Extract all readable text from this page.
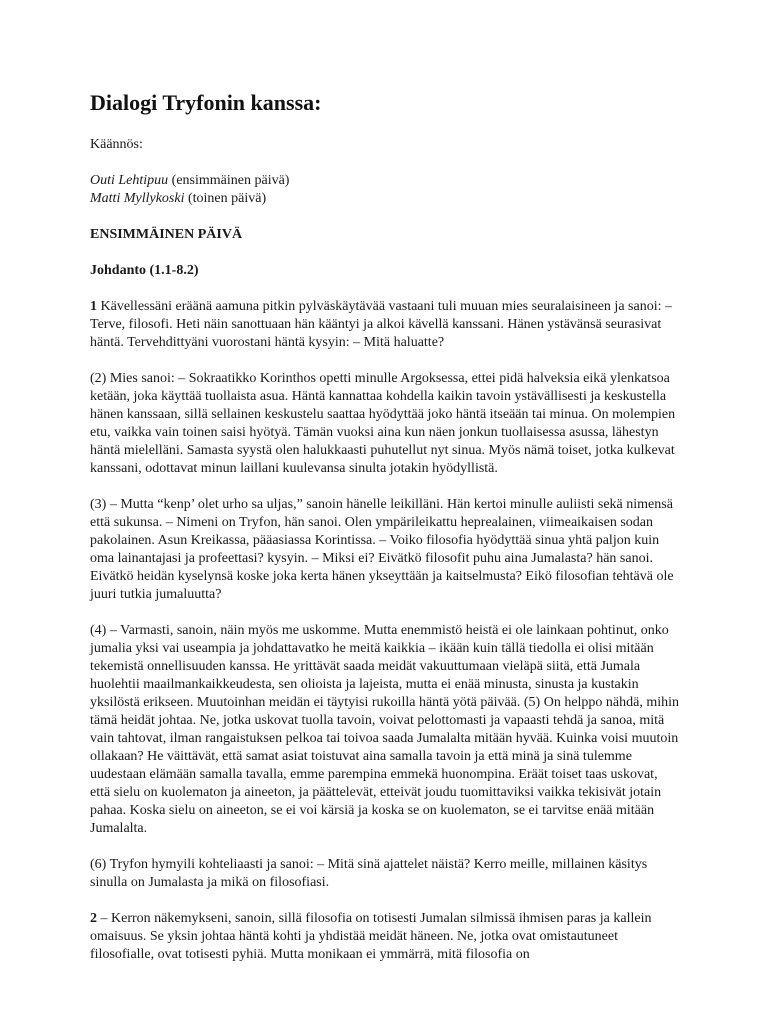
Dialogi Tryfonin kanssa:
Käännös:
Outi Lehtipuu (ensimmäinen päivä)
Matti Myllykoski (toinen päivä)
ENSIMMÄINEN PÄIVÄ
Johdanto (1.1-8.2)
1 Kävellessäni eräänä aamuna pitkin pylväskäytävää vastaani tuli muuan mies seuralaisineen ja sanoi: – Terve, filosofi. Heti näin sanottuaan hän kääntyi ja alkoi kävellä kanssani. Hänen ystävänsä seurasivat häntä. Tervehdittyäni vuorostani häntä kysyin: – Mitä haluatte?
(2) Mies sanoi: – Sokraatikko Korinthos opetti minulle Argoksessa, ettei pidä halveksia eikä ylenkatsoa ketään, joka käyttää tuollaista asua. Häntä kannattaa kohdella kaikin tavoin ystävällisesti ja keskustella hänen kanssaan, sillä sellainen keskustelu saattaa hyödyttää joko häntä itseään tai minua. On molempien etu, vaikka vain toinen saisi hyötyä. Tämän vuoksi aina kun näen jonkun tuollaisessa asussa, lähestyn häntä mielelläni. Samasta syystä olen halukkaasti puhutellut nyt sinua. Myös nämä toiset, jotka kulkevat kanssani, odottavat minun laillani kuulevansa sinulta jotakin hyödyllistä.
(3) – Mutta “kenp’ olet urho sa uljas,” sanoin hänelle leikilläni. Hän kertoi minulle auliisti sekä nimensä että sukunsa. – Nimeni on Tryfon, hän sanoi. Olen ympärileikattu heprealainen, viimeaikaisen sodan pakolainen. Asun Kreikassa, pääasiassa Korintissa. – Voiko filosofia hyödyttää sinua yhtä paljon kuin oma lainantajasi ja profeettasi? kysyin. – Miksi ei? Eivätkö filosofit puhu aina Jumalasta? hän sanoi. Eivätkö heidän kyselynsä koske joka kerta hänen ykseyttään ja kaitselmusta? Eikö filosofian tehtävä ole juuri tutkia jumaluutta?
(4) – Varmasti, sanoin, näin myös me uskomme. Mutta enemmistö heistä ei ole lainkaan pohtinut, onko jumalia yksi vai useampia ja johdattavatko he meitä kaikkia – ikään kuin tällä tiedolla ei olisi mitään tekemistä onnellisuuden kanssa. He yrittävät saada meidät vakuuttumaan vieläpä siitä, että Jumala huolehtii maailmankaikkeudesta, sen olioista ja lajeista, mutta ei enää minusta, sinusta ja kustakin yksilöstä erikseen. Muutoinhan meidän ei täytyisi rukoilla häntä yötä päivää. (5) On helppo nähdä, mihin tämä heidät johtaa. Ne, jotka uskovat tuolla tavoin, voivat pelottomasti ja vapaasti tehdä ja sanoa, mitä vain tahtovat, ilman rangaistuksen pelkoa tai toivoa saada Jumalalta mitään hyvää. Kuinka voisi muutoin ollakaan? He väittävät, että samat asiat toistuvat aina samalla tavoin ja että minä ja sinä tulemme uudestaan elämään samalla tavalla, emme parempina emmekä huonompina. Eräät toiset taas uskovat, että sielu on kuolematon ja aineeton, ja päättelevät, etteivät joudu tuomittaviksi vaikka tekisivät jotain pahaa. Koska sielu on aineeton, se ei voi kärsiä ja koska se on kuolematon, se ei tarvitse enää mitään Jumalalta.
(6) Tryfon hymyili kohteliaasti ja sanoi: – Mitä sinä ajattelet näistä? Kerro meille, millainen käsitys sinulla on Jumalasta ja mikä on filosofiasi.
2 – Kerron näkemykseni, sanoin, sillä filosofia on totisesti Jumalan silmissä ihmisen paras ja kallein omaisuus. Se yksin johtaa häntä kohti ja yhdistää meidät häneen. Ne, jotka ovat omistautuneet filosofialle, ovat totisesti pyhiä. Mutta monikaan ei ymmärrä, mitä filosofia on
